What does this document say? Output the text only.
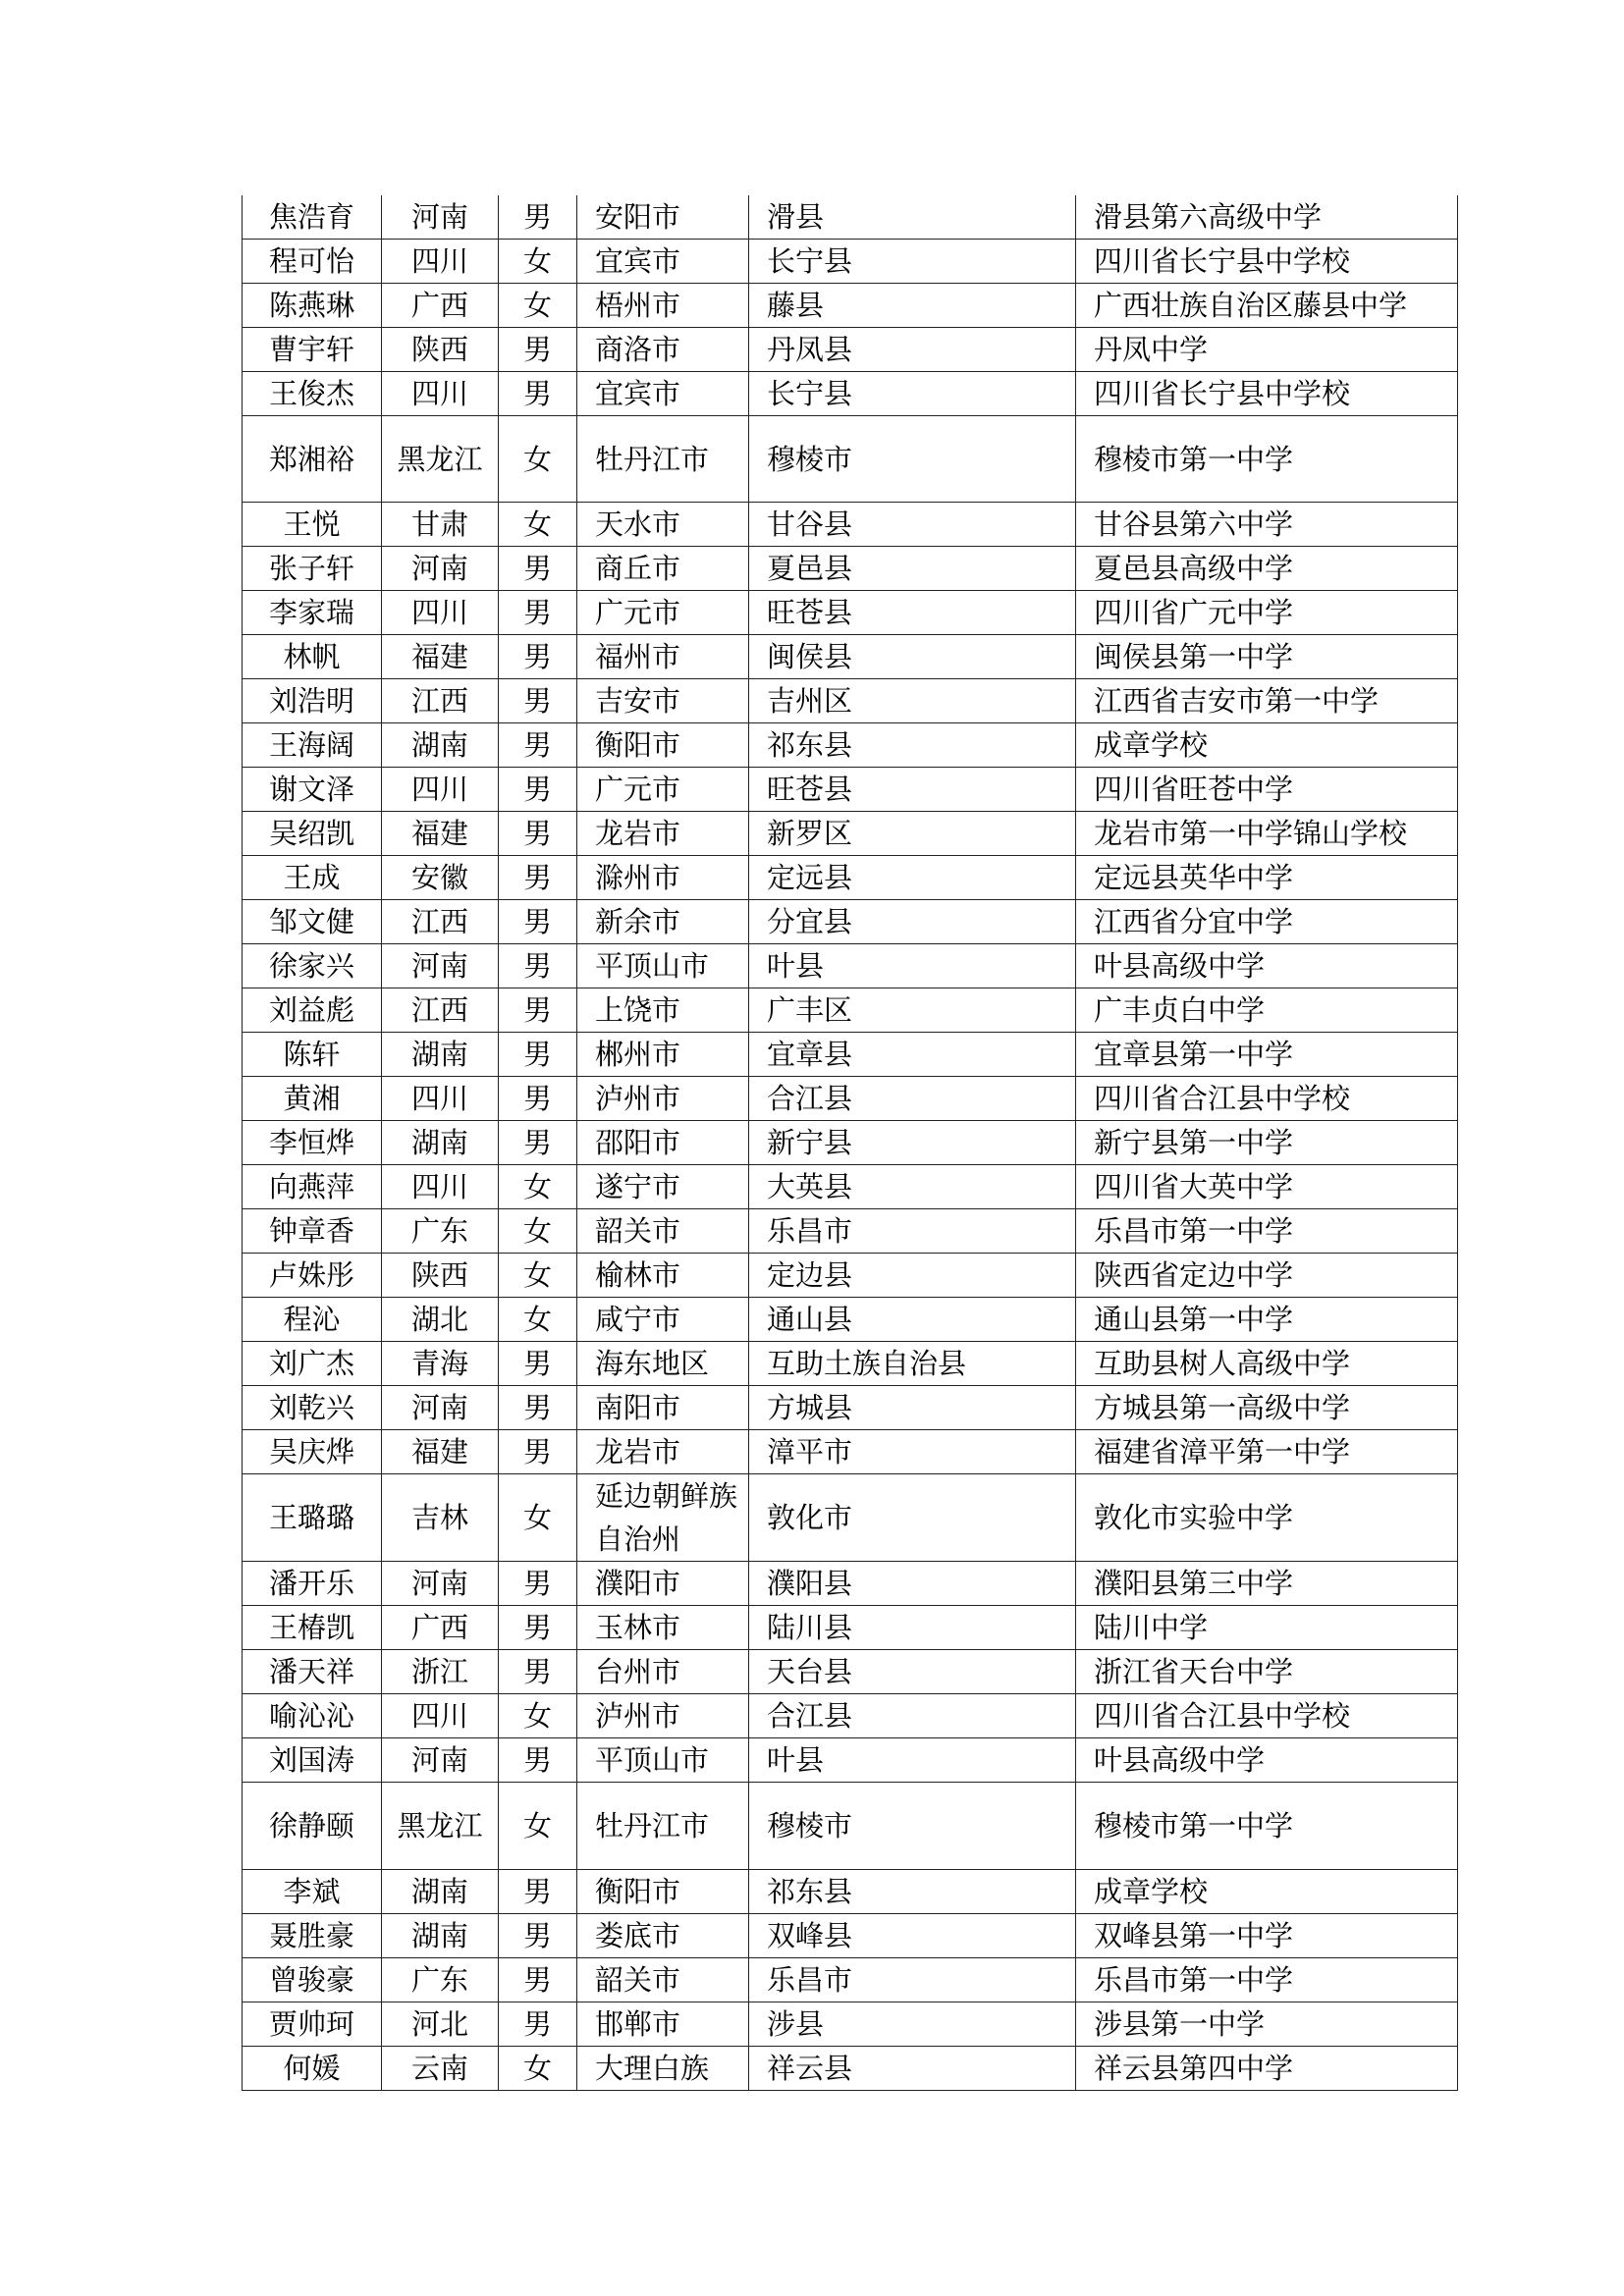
焦浩育	河南	男	安阳市	滑县	滑县第六高级中学
程可怡	四川	女	宜宾市	长宁县	四川省长宁县中学校
陈燕琳	广西	女	梧州市	藤县	广西壮族自治区藤县中学
曹宇轩	陕西	男	商洛市	丹凤县	丹凤中学
王俊杰	四川	男	宜宾市	长宁县	四川省长宁县中学校
郑湘裕	黑龙江	女	牡丹江市	穆棱市	穆棱市第一中学
王悦	甘肃	女	天水市	甘谷县	甘谷县第六中学
张子轩	河南	男	商丘市	夏邑县	夏邑县高级中学
李家瑞	四川	男	广元市	旺苍县	四川省广元中学
林帆	福建	男	福州市	闽侯县	闽侯县第一中学
刘浩明	江西	男	吉安市	吉州区	江西省吉安市第一中学
王海阔	湖南	男	衡阳市	祁东县	成章学校
谢文泽	四川	男	广元市	旺苍县	四川省旺苍中学
吴绍凯	福建	男	龙岩市	新罗区	龙岩市第一中学锦山学校
王成	安徽	男	滁州市	定远县	定远县英华中学
邹文健	江西	男	新余市	分宜县	江西省分宜中学
徐家兴	河南	男	平顶山市	叶县	叶县高级中学
刘益彪	江西	男	上饶市	广丰区	广丰贞白中学
陈轩	湖南	男	郴州市	宜章县	宜章县第一中学
黄湘	四川	男	泸州市	合江县	四川省合江县中学校
李恒烨	湖南	男	邵阳市	新宁县	新宁县第一中学
向燕萍	四川	女	遂宁市	大英县	四川省大英中学
钟章香	广东	女	韶关市	乐昌市	乐昌市第一中学
卢姝彤	陕西	女	榆林市	定边县	陕西省定边中学
程沁	湖北	女	咸宁市	通山县	通山县第一中学
刘广杰	青海	男	海东地区	互助土族自治县	互助县树人高级中学
刘乾兴	河南	男	南阳市	方城县	方城县第一高级中学
吴庆烨	福建	男	龙岩市	漳平市	福建省漳平第一中学
王璐璐	吉林	女	延边朝鲜族自治州	敦化市	敦化市实验中学
潘开乐	河南	男	濮阳市	濮阳县	濮阳县第三中学
王椿凯	广西	男	玉林市	陆川县	陆川中学
潘天祥	浙江	男	台州市	天台县	浙江省天台中学
喻沁沁	四川	女	泸州市	合江县	四川省合江县中学校
刘国涛	河南	男	平顶山市	叶县	叶县高级中学
徐静颐	黑龙江	女	牡丹江市	穆棱市	穆棱市第一中学
李斌	湖南	男	衡阳市	祁东县	成章学校
聂胜豪	湖南	男	娄底市	双峰县	双峰县第一中学
曾骏豪	广东	男	韶关市	乐昌市	乐昌市第一中学
贾帅珂	河北	男	邯郸市	涉县	涉县第一中学
何媛	云南	女	大理白族	祥云县	祥云县第四中学
